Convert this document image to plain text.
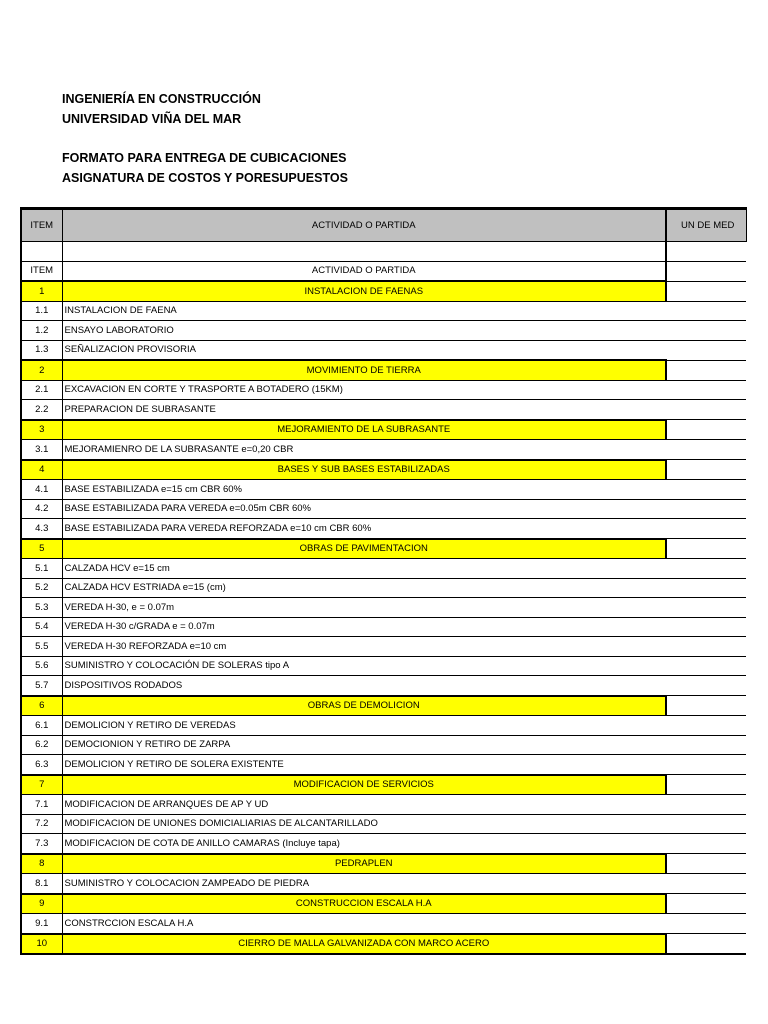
INGENIERÍA EN CONSTRUCCIÓN
UNIVERSIDAD VIÑA DEL MAR
FORMATO PARA ENTREGA DE CUBICACIONES
ASIGNATURA DE COSTOS Y PORESUPUESTOS
ITEM	ACTIVIDAD O PARTIDA	UN DE MED

ITEM	ACTIVIDAD O PARTIDA	
1	INSTALACION DE FAENAS	
1.1	INSTALACION DE FAENA	
1.2	ENSAYO LABORATORIO	
1.3	SEÑALIZACION PROVISORIA	
2	MOVIMIENTO DE TIERRA	
2.1	EXCAVACION EN CORTE Y TRASPORTE A BOTADERO (15KM)	
2.2	PREPARACION DE SUBRASANTE	
3	MEJORAMIENTO DE LA SUBRASANTE	
3.1	MEJORAMIENRO DE LA SUBRASANTE e=0,20 CBR	
4	BASES Y SUB BASES ESTABILIZADAS	
4.1	BASE ESTABILIZADA e=15 cm CBR 60%	
4.2	BASE ESTABILIZADA PARA VEREDA e=0.05m CBR 60%	
4.3	BASE ESTABILIZADA PARA VEREDA REFORZADA e=10 cm CBR 60%	
5	OBRAS DE PAVIMENTACION	
5.1	CALZADA HCV e=15 cm	
5.2	CALZADA HCV ESTRIADA e=15 (cm)	
5.3	VEREDA H-30, e = 0.07m	
5.4	VEREDA H-30 c/GRADA e = 0.07m	
5.5	VEREDA H-30 REFORZADA e=10 cm	
5.6	SUMINISTRO Y COLOCACIÓN DE SOLERAS tipo A	
5.7	DISPOSITIVOS RODADOS	
6	OBRAS DE DEMOLICION	
6.1	DEMOLICION Y RETIRO DE VEREDAS	
6.2	DEMOCIONION Y RETIRO DE ZARPA	
6.3	DEMOLICION Y RETIRO DE SOLERA EXISTENTE	
7	MODIFICACION DE SERVICIOS	
7.1	MODIFICACION DE ARRANQUES DE AP Y UD	
7.2	MODIFICACION DE UNIONES DOMICIALIARIAS DE ALCANTARILLADO	
7.3	MODIFICACION DE COTA DE ANILLO CAMARAS (Incluye tapa)	
8	PEDRAPLEN	
8.1	SUMINISTRO Y COLOCACION ZAMPEADO DE PIEDRA	
9	CONSTRUCCION ESCALA H.A	
9.1	CONSTRCCION ESCALA H.A	
10	CIERRO DE MALLA GALVANIZADA CON MARCO ACERO	
